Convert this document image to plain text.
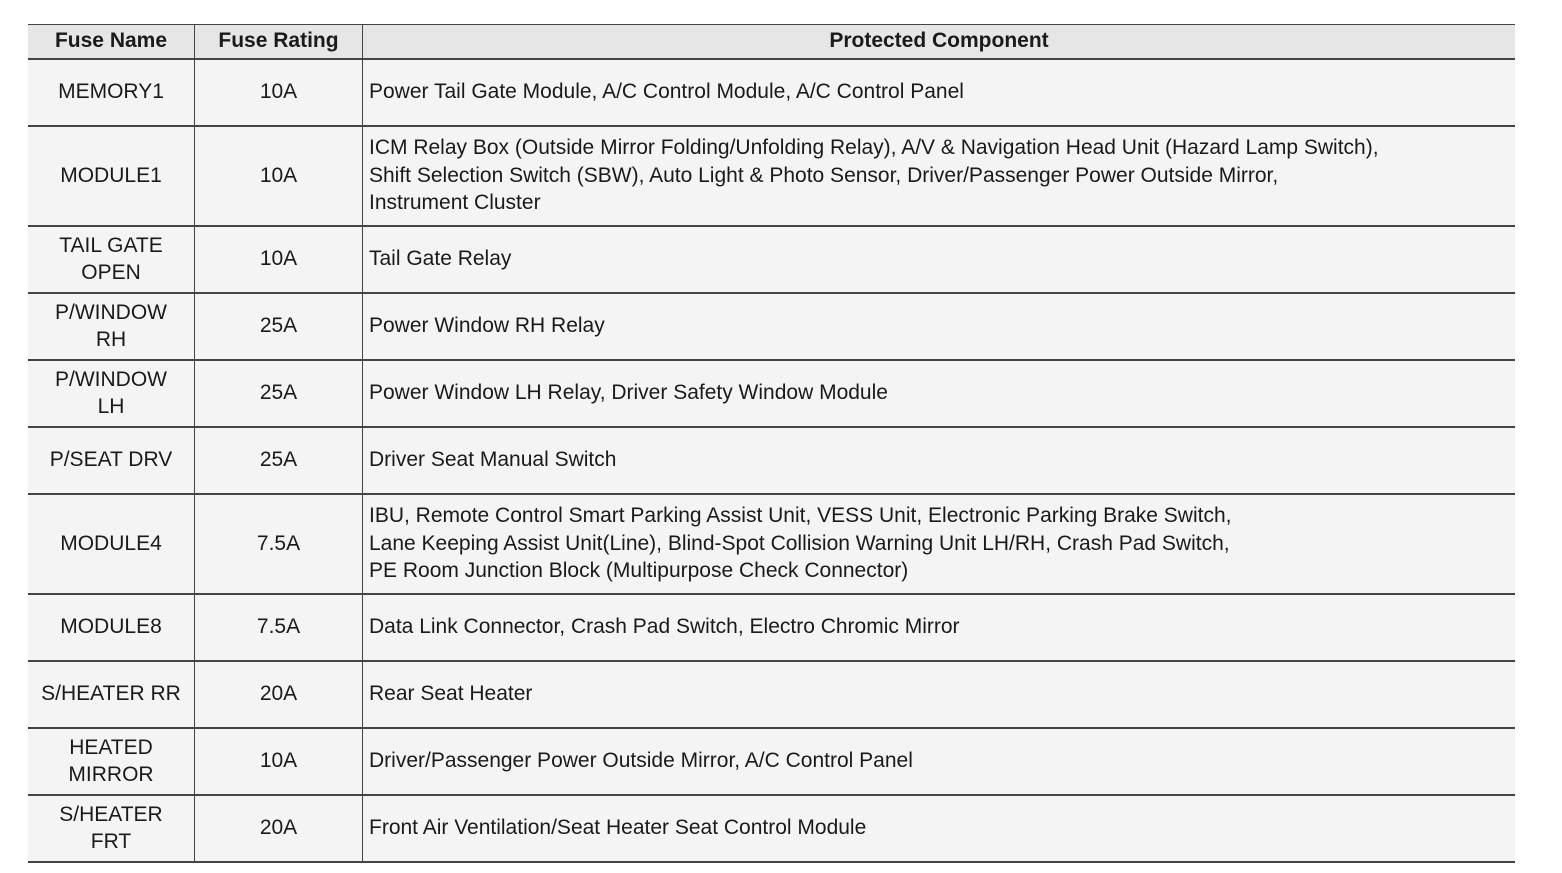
Fuse Name	Fuse Rating	Protected Component
MEMORY1	10A	Power Tail Gate Module, A/C Control Module, A/C Control Panel
MODULE1	10A	ICM Relay Box (Outside Mirror Folding/Unfolding Relay), A/V & Navigation Head Unit (Hazard Lamp Switch),
Shift Selection Switch (SBW), Auto Light & Photo Sensor, Driver/Passenger Power Outside Mirror,
Instrument Cluster
TAIL GATE
OPEN	10A	Tail Gate Relay
P/WINDOW
RH	25A	Power Window RH Relay
P/WINDOW
LH	25A	Power Window LH Relay, Driver Safety Window Module
P/SEAT DRV	25A	Driver Seat Manual Switch
MODULE4	7.5A	IBU, Remote Control Smart Parking Assist Unit, VESS Unit, Electronic Parking Brake Switch,
Lane Keeping Assist Unit(Line), Blind-Spot Collision Warning Unit LH/RH, Crash Pad Switch,
PE Room Junction Block (Multipurpose Check Connector)
MODULE8	7.5A	Data Link Connector, Crash Pad Switch, Electro Chromic Mirror
S/HEATER RR	20A	Rear Seat Heater
HEATED
MIRROR	10A	Driver/Passenger Power Outside Mirror, A/C Control Panel
S/HEATER
FRT	20A	Front Air Ventilation/Seat Heater Seat Control Module
